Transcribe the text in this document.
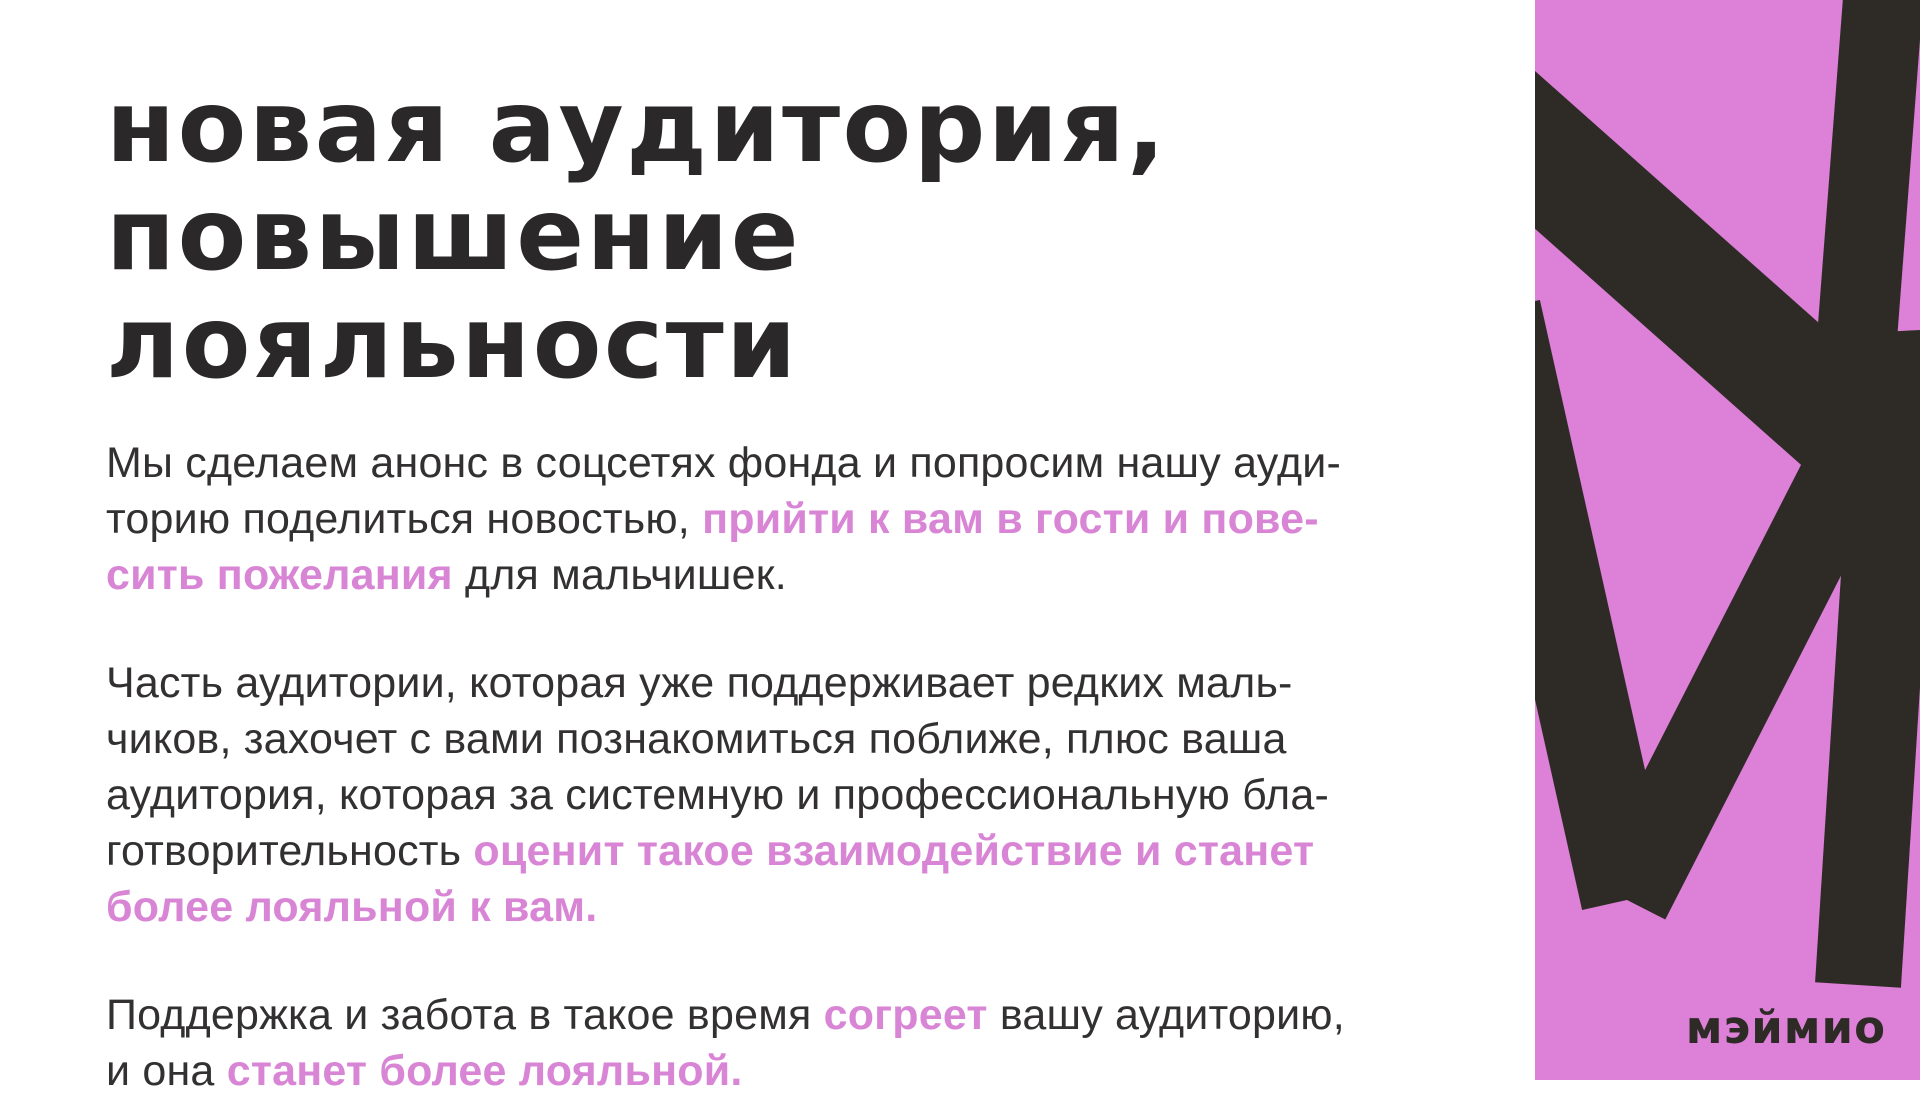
новая аудитория,
повышение лояльности

Мы сделаем анонс в соцсетях фонда и попросим нашу ауди-
торию поделиться новостью, прийти к вам в гости и пове-
сить пожелания для мальчишек.

Часть аудитории, которая уже поддерживает редких маль-
чиков, захочет с вами познакомиться поближе, плюс ваша
аудитория, которая за системную и профессиональную бла-
готворительность оценит такое взаимодействие и станет
более лояльной к вам.

Поддержка и забота в такое время согреет вашу аудиторию,
и она станет более лояльной.

мэймио
